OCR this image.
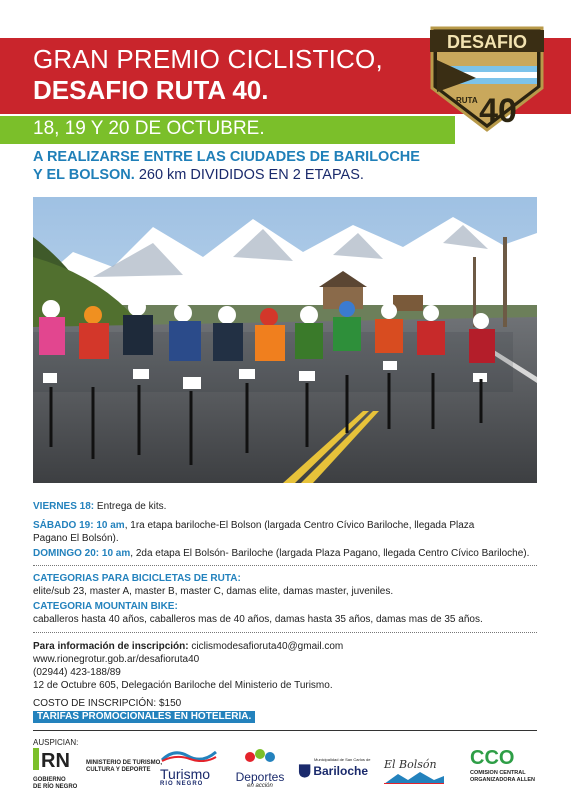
GRAN PREMIO CICLISTICO,
DESAFIO RUTA 40.
18, 19 Y 20 DE OCTUBRE.
DESAFIO
RUTA 40
A REALIZARSE ENTRE LAS CIUDADES DE BARILOCHE
Y EL BOLSON. 260 km DIVIDIDOS EN 2 ETAPAS.
VIERNES 18: Entrega de kits.
SÁBADO 19: 10 am, 1ra etapa bariloche-El Bolson (largada Centro Cívico Bariloche, llegada Plaza
Pagano El Bolsón).
DOMINGO 20: 10 am, 2da etapa El Bolsón- Bariloche (largada Plaza Pagano, llegada Centro Cívico Bariloche).
CATEGORIAS PARA BICICLETAS DE RUTA:
elite/sub 23, master A, master B, master C, damas elite, damas master, juveniles.
CATEGORIA MOUNTAIN BIKE:
caballeros hasta 40 años, caballeros mas de 40 años, damas hasta 35 años, damas mas de 35 años.
Para información de inscripción: ciclismodesafioruta40@gmail.com
www.rionegrotur.gob.ar/desafioruta40
(02944) 423-188/89
12 de Octubre 605, Delegación Bariloche del Ministerio de Turismo.
COSTO DE INSCRIPCIÓN: $150
TARIFAS PROMOCIONALES EN HOTELERÍA.
AUSPICIAN:
RN
GOBIERNO
DE RÍO NEGRO
MINISTERIO DE TURISMO,
CULTURA Y DEPORTE Turismo
RIO NEGRO	Deportes
en acción
Municipalidad de San Carlos de
Bariloche El Bolsón	CCO
COMISION CENTRAL
ORGANIZADORA ALLEN
